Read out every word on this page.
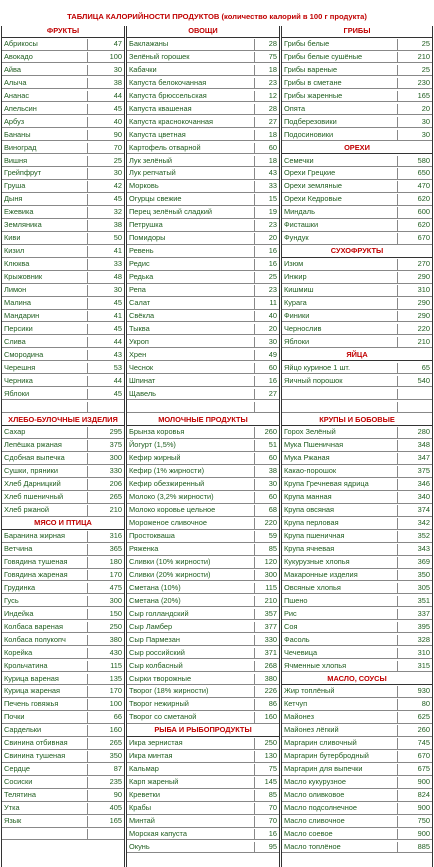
ТАБЛИЦА КАЛОРИЙНОСТИ ПРОДУКТОВ (количество калорий в 100 г продукта)
ФРУКТЫ
Абрикосы	47
Авокадо	100
Айва	30
Алыча	38
Ананас	44
Апельсин	45
Арбуз	40
Бананы	90
Виноград	70
Вишня	25
Грейпфрут	30
Груша	42
Дыня	45
Ежевика	32
Земляника	38
Киви	50
Кизил	41
Клюква	33
Крыжовник	48
Лимон	30
Малина	45
Мандарин	41
Персики	45
Слива	44
Смородина	43
Черешня	53
Черника	44
Яблоки	45
ХЛЕБО-БУЛОЧНЫЕ ИЗДЕЛИЯ
Сахар	295
Лепёшка ржаная	375
Сдобная выпечка	300
Сушки, пряники	330
Хлеб Дарницкий	206
Хлеб пшеничный	265
Хлеб ржаной	210
МЯСО И ПТИЦА
Баранина жирная	316
Ветчина	365
Говядина тушеная	180
Говядина жареная	170
Грудинка	475
Гусь	300
Индейка	150
Колбаса вареная	250
Колбаса полукопч	380
Корейка	430
Крольчатина	115
Курица вареная	135
Курица жареная	170
Печень говяжья	100
Почки	66
Сардельки	160
Свинина отбивная	265
Свинина тушеная	350
Сердце	87
Сосиски	235
Телятина	90
Утка	405
Язык	165
ОВОЩИ
Баклажаны	28
Зелёный горошек	75
Кабачки	18
Капуста белокочанная	23
Капуста брюссельская	12
Капуста квашеная	28
Капуста краснокочанная	27
Капуста цветная	18
Картофель отварной	60
Лук зелёный	18
Лук репчатый	43
Морковь	33
Огурцы свежие	15
Перец зелёный сладкий	19
Петрушка	23
Помидоры	20
Ревень	16
Редис	16
Редька	25
Репа	23
Салат	11
Свёкла	40
Тыква	20
Укроп	30
Хрен	49
Чеснок	60
Шпинат	16
Щавель	27
МОЛОЧНЫЕ ПРОДУКТЫ
Брынза коровья	260
Йогурт (1,5%)	51
Кефир жирный	60
Кефир (1% жирности)	38
Кефир обезжиренный	30
Молоко (3,2% жирности)	60
Молоко коровье цельное	68
Мороженое сливочное	220
Простокваша	59
Ряженка	85
Сливки (10% жирности)	120
Сливки (20% жирности)	300
Сметана (10%)	115
Сметана (20%)	210
Сыр голландский	357
Сыр Ламбер	377
Сыр Пармезан	330
Сыр российский	371
Сыр колбасный	268
Сырки творожные	380
Творог (18% жирности)	226
Творог нежирный	86
Творог со сметаной	160
РЫБА И РЫБОПРОДУКТЫ
Икра зернистая	250
Икра минтая	130
Кальмар	75
Карп жареный	145
Креветки	85
Крабы	70
Минтай	70
Морская капуста	16
Окунь	95
ГРИБЫ
Грибы белые	25
Грибы белые сушёные	210
Грибы вареные	25
Грибы в сметане	230
Грибы жаренные	165
Опята	20
Подберезовики	30
Подосиновики	30
ОРЕХИ
Семечки	580
Орехи Грецкие	650
Орехи земляные	470
Орехи Кедровые	620
Миндаль	600
Фисташки	620
Фундук	670
СУХОФРУКТЫ
Изюм	270
Инжир	290
Кишмиш	310
Курага	290
Финики	290
Чернослив	220
Яблоки	210
ЯЙЦА
Яйцо куриное 1 шт.	65
Яичный порошок	540
КРУПЫ И БОБОВЫЕ
Горох Зелёный	280
Мука Пшеничная	348
Мука Ржаная	347
Какао-порошок	375
Крупа Гречневая ядрица	346
Крупа манная	340
Крупа овсяная	374
Крупа перловая	342
Крупа пшеничная	352
Крупа ячневая	343
Кукурузные хлопья	369
Макаронные изделия	350
Овсяные хлопья	305
Пшено	351
Рис	337
Соя	395
Фасоль	328
Чечевица	310
Ячменные хлопья	315
МАСЛО, СОУСЫ
Жир топлёный	930
Кетчуп	80
Майонез	625
Майонез лёгкий	260
Маргарин сливочный	745
Маргарин бутербродный	670
Маргарин для выпечки	675
Масло кукурузное	900
Масло оливковое	824
Масло подсолнечное	900
Масло сливочное	750
Масло соевое	900
Масло топлёное	885
